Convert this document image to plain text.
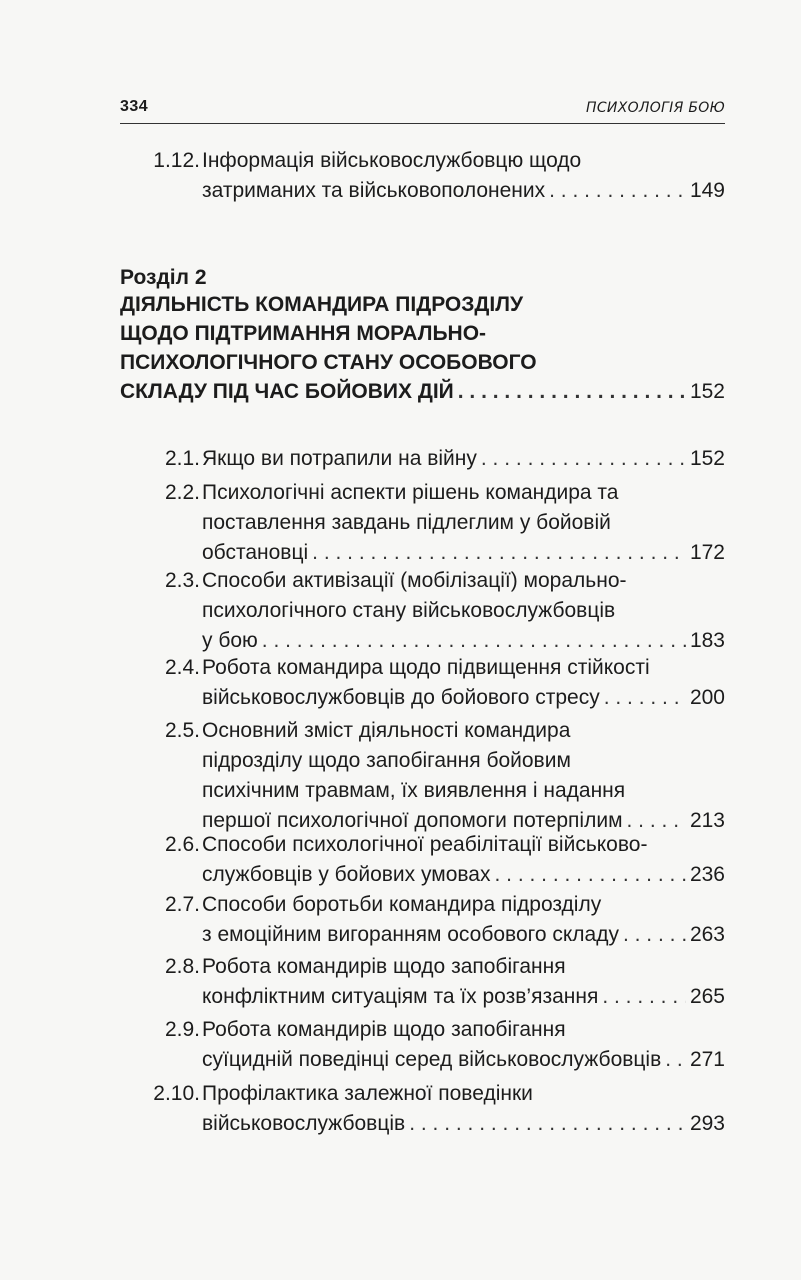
334	ПСИХОЛОГІЯ БОЮ
1.12. Інформація військовослужбовцю щодо
затриманих та військовополонених . . .	149
Розділ 2
ДІЯЛЬНІСТЬ КОМАНДИРА ПІДРОЗДІЛУ
ЩОДО ПІДТРИМАННЯ МОРАЛЬНО-
ПСИХОЛОГІЧНОГО СТАНУ ОСОБОВОГО
СКЛАДУ ПІД ЧАС БОЙОВИХ ДІЙ . . .	152
2.1. Якщо ви потрапили на війну . . .	152
2.2. Психологічні аспекти рішень командира та
поставлення завдань підлеглим у бойовій
обстановці . . .	172
2.3. Способи активізації (мобілізації) морально-
психологічного стану військовослужбовців
у бою . . .	183
2.4. Робота командира щодо підвищення стійкості
військовослужбовців до бойового стресу . . .	200
2.5. Основний зміст діяльності командира
підрозділу щодо запобігання бойовим
психічним травмам, їх виявлення і надання
першої психологічної допомоги потерпілим . . .	213
2.6. Способи психологічної реабілітації військово-
службовців у бойових умовах . . .	236
2.7. Способи боротьби командира підрозділу
з емоційним вигоранням особового складу . . .	263
2.8. Робота командирів щодо запобігання
конфліктним ситуаціям та їх розв’язання . . .	265
2.9. Робота командирів щодо запобігання
суїцидній поведінці серед військовослужбовців . . . 271
2.10. Профілактика залежної поведінки
військовослужбовців . . .	293
